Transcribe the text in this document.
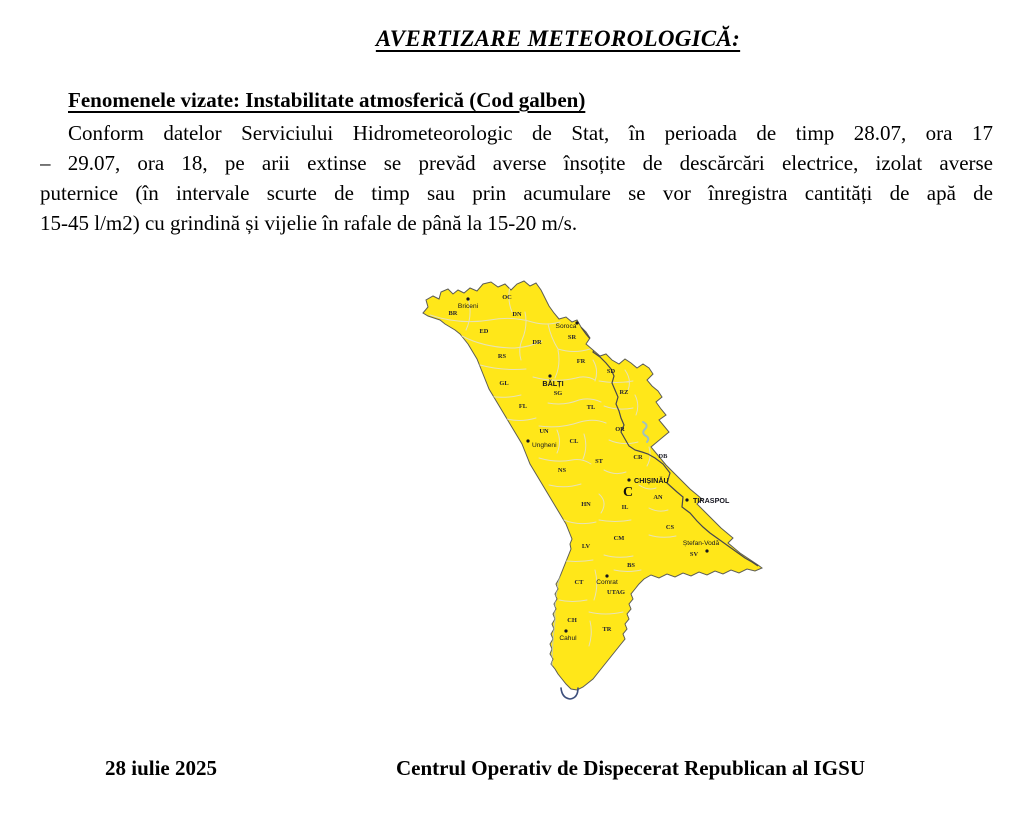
AVERTIZARE METEOROLOGICĂ:
Fenomenele vizate: Instabilitate atmosferică (Cod galben)
Conform datelor Serviciului Hidrometeorologic de Stat, în perioada de timp 28.07, ora 17
– 29.07, ora 18, pe arii extinse se prevăd averse însoțite de descărcări electrice, izolat averse
puternice (în intervale scurte de timp sau prin acumulare se vor înregistra cantități de apă de
15-45 l/m2) cu grindină și vijelie în rafale de până la 15-20 m/s.
OC
BR	DN
ED
SR
DR
RS
FR
SD
GL
SG	RZ
FL	TL
UN	OR
CL
ST
CR DB
NS
AN
HN	IL
CS
CM
LV
SV
BS
CT
UTAG
CH
TR
Briceni
Soroca
BĂLȚI
Ungheni
CHIȘINĂU
TIRASPOL
Ștefan-Vodă
Comrat
Cahul
C
28 iulie 2025	Centrul Operativ de Dispecerat Republican al IGSU
